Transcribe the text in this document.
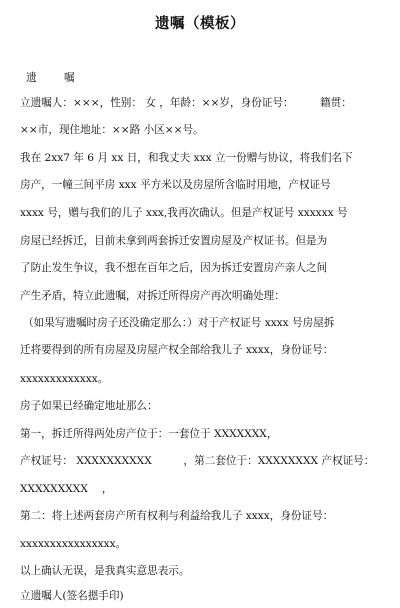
遗嘱（模板）
遗 嘱
立遗嘱人：×××，性别： 女 ，年龄：××岁，身份证号：　　　籍贯：
××市，现住地址：××路 小区××号。
我在 2xx7 年 6 月 xx 日，和我丈夫 xxx 立一份赠与协议，将我们名下
房产，一幢三间平房 xxx 平方米以及房屋所含临时用地，产权证号
xxxx 号，赠与我们的儿子 xxx,我再次确认。但是产权证号 xxxxxx 号
房屋已经拆迁，目前未拿到两套拆迁安置房屋及产权证书。但是为
了防止发生争议，我不想在百年之后，因为拆迁安置房产亲人之间
产生矛盾，特立此遗嘱，对拆迁所得房产再次明确处理：
（如果写遗嘱时房子还没确定那么：）对于产权证号 xxxx 号房屋拆
迁将要得到的所有房屋及房屋产权全部给我儿子 xxxx，身份证号：
xxxxxxxxxxxxx。
房子如果已经确定地址那么：
第一，拆迁所得两处房产位于：一套位于 XXXXXXX，
产权证号： XXXXXXXXXX　　　，第二套位于：XXXXXXXX 产权证号：
XXXXXXXXX　 ，
第二：将上述两套房产所有权利与利益给我儿子 xxxx，身份证号：
xxxxxxxxxxxxxxxx。
以上确认无误，是我真实意思表示。
立遗嘱人(签名摁手印)
